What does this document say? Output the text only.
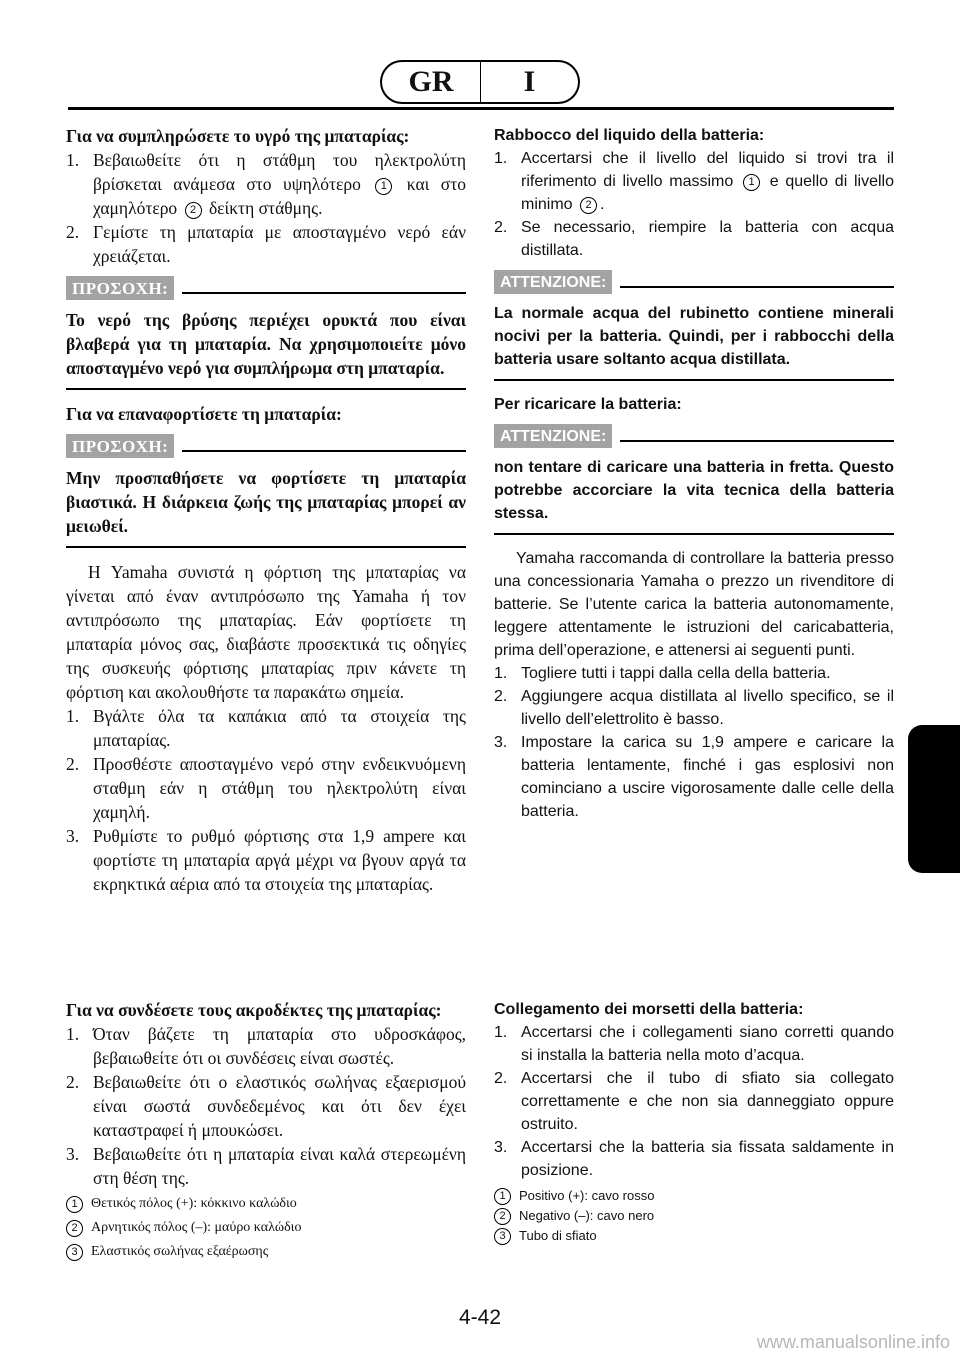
GR	I

Για να συμπληρώσετε το υγρό της μπαταρίας:

1. Βεβαιωθείτε ότι η στάθμη του ηλεκτρολύτη βρίσκεται ανάμεσα στο υψηλότερο 1 και στο χαμηλότερο 2 δείκτη στάθμης.
2. Γεμίστε τη μπαταρία με αποσταγμένο νερό εάν χρειάζεται.
ΠΡΟΣΟΧΗ:

Το νερό της βρύσης περιέχει ορυκτά που είναι βλαβερά για τη μπαταρία. Να χρησιμοποιείτε μόνο αποσταγμένο νερό για συμπλήρωμα στη μπαταρία.

Για να επαναφορτίσετε τη μπαταρία:

ΠΡΟΣΟΧΗ:

Μην προσπαθήσετε να φορτίσετε τη μπαταρία βιαστικά. Η διάρκεια ζωής της μπαταρίας μπορεί αν μειωθεί.

Η Yamaha συνιστά η φόρτιση της μπαταρίας να γίνεται από έναν αντιπρόσωπο της Yamaha ή τον αντιπρόσωπο της μπαταρίας. Εάν φορτίσετε τη μπαταρία μόνος σας, διαβάστε προσεκτικά τις οδηγίες της συσκευής φόρτισης μπαταρίας πριν κάνετε τη φόρτιση και ακολουθήστε τα παρακάτω σημεία.

1. Βγάλτε όλα τα καπάκια από τα στοιχεία της μπαταρίας.
2. Προσθέστε αποσταγμένο νερό στην ενδεικνυόμενη σταθμη εάν η στάθμη του ηλεκτρολύτη είναι χαμηλή.
3. Ρυθμίστε το ρυθμό φόρτισης στα 1,9 ampere και φορτίστε τη μπαταρία αργά μέχρι να βγουν αργά τα εκρηκτικά αέρια από τα στοιχεία της μπαταρίας.

Rabbocco del liquido della batteria:

1. Accertarsi che il livello del liquido si trovi tra il riferimento di livello massimo 1 e quello di livello minimo 2 .
2. Se necessario, riempire la batteria con acqua distillata.
ATTENZIONE:

La normale acqua del rubinetto contiene minerali nocivi per la batteria. Quindi, per i rabbocchi della batteria usare soltanto acqua distillata.

Per ricaricare la batteria:

ATTENZIONE:

non tentare di caricare una batteria in fretta. Questo potrebbe accorciare la vita tecnica della batteria stessa.

Yamaha raccomanda di controllare la batteria presso una concessionaria Yamaha o prezzo un rivenditore di batterie. Se l’utente carica la batteria autonomamente, leggere attentamente le istruzioni del caricabatteria, prima dell’operazione, e attenersi ai seguenti punti.

1. Togliere tutti i tappi dalla cella della batteria.
2. Aggiungere acqua distillata al livello specifico, se il livello dell’elettrolito è basso.
3. Impostare la carica su 1,9 ampere e caricare la batteria lentamente, finché i gas esplosivi non cominciano a uscire vigorosamente dalle celle della batteria.

Για να συνδέσετε τους ακροδέκτες της μπαταρίας:

1. Όταν βάζετε τη μπαταρία στο υδροσκάφος, βεβαιωθείτε ότι οι συνδέσεις είναι σωστές.
2. Βεβαιωθείτε ότι ο ελαστικός σωλήνας εξαερισμού είναι σωστά συνδεδεμένος και ότι δεν έχει καταστραφεί ή μπουκώσει.
3. Βεβαιωθείτε ότι η μπαταρία είναι καλά στερεωμένη στη θέση της.
1 Θετικός πόλος (+): κόκκινο καλώδιο
2 Αρνητικός πόλος (–): μαύρο καλώδιο
3 Ελαστικός σωλήνας εξαέρωσης

Collegamento dei morsetti della batteria:

1. Accertarsi che i collegamenti siano corretti quando si installa la batteria nella moto d’acqua.
2. Accertarsi che il tubo di sfiato sia collegato correttamente e che non sia danneggiato oppure ostruito.
3. Accertarsi che la batteria sia fissata saldamente in posizione.
1	Positivo (+): cavo rosso
2	Negativo (–): cavo nero
3	Tubo di sfiato
4-42
www.manualsonline.info
